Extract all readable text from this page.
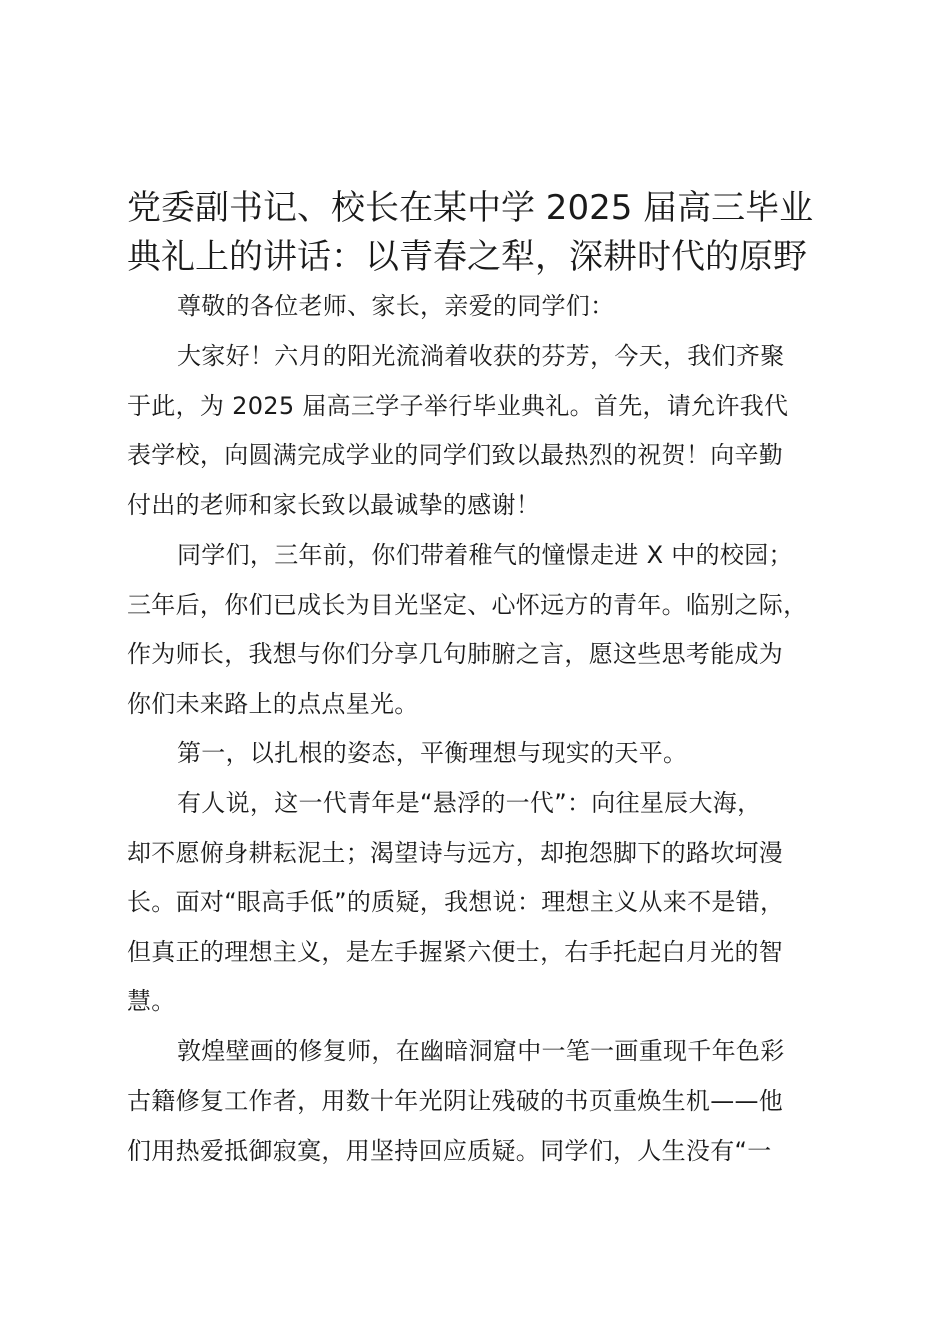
党委副书记、校长在某中学 2025 届高三毕业
典礼上的讲话：以青春之犁，深耕时代的原野

尊敬的各位老师、家长，亲爱的同学们：

大家好！六月的阳光流淌着收获的芬芳，今天，我们齐聚

于此，为 2025 届高三学子举行毕业典礼。首先，请允许我代

表学校，向圆满完成学业的同学们致以最热烈的祝贺！向辛勤

付出的老师和家长致以最诚挚的感谢！

同学们，三年前，你们带着稚气的憧憬走进 X 中的校园；

三年后，你们已成长为目光坚定、心怀远方的青年。临别之际，

作为师长，我想与你们分享几句肺腑之言，愿这些思考能成为

你们未来路上的点点星光。

第一，以扎根的姿态，平衡理想与现实的天平。

有人说，这一代青年是“悬浮的一代”：向往星辰大海，

却不愿俯身耕耘泥土；渴望诗与远方，却抱怨脚下的路坎坷漫

长。面对“眼高手低”的质疑，我想说：理想主义从来不是错，

但真正的理想主义，是左手握紧六便士，右手托起白月光的智

慧。

敦煌壁画的修复师，在幽暗洞窟中一笔一画重现千年色彩

古籍修复工作者，用数十年光阴让残破的书页重焕生机——他

们用热爱抵御寂寞，用坚持回应质疑。同学们，人生没有“一
